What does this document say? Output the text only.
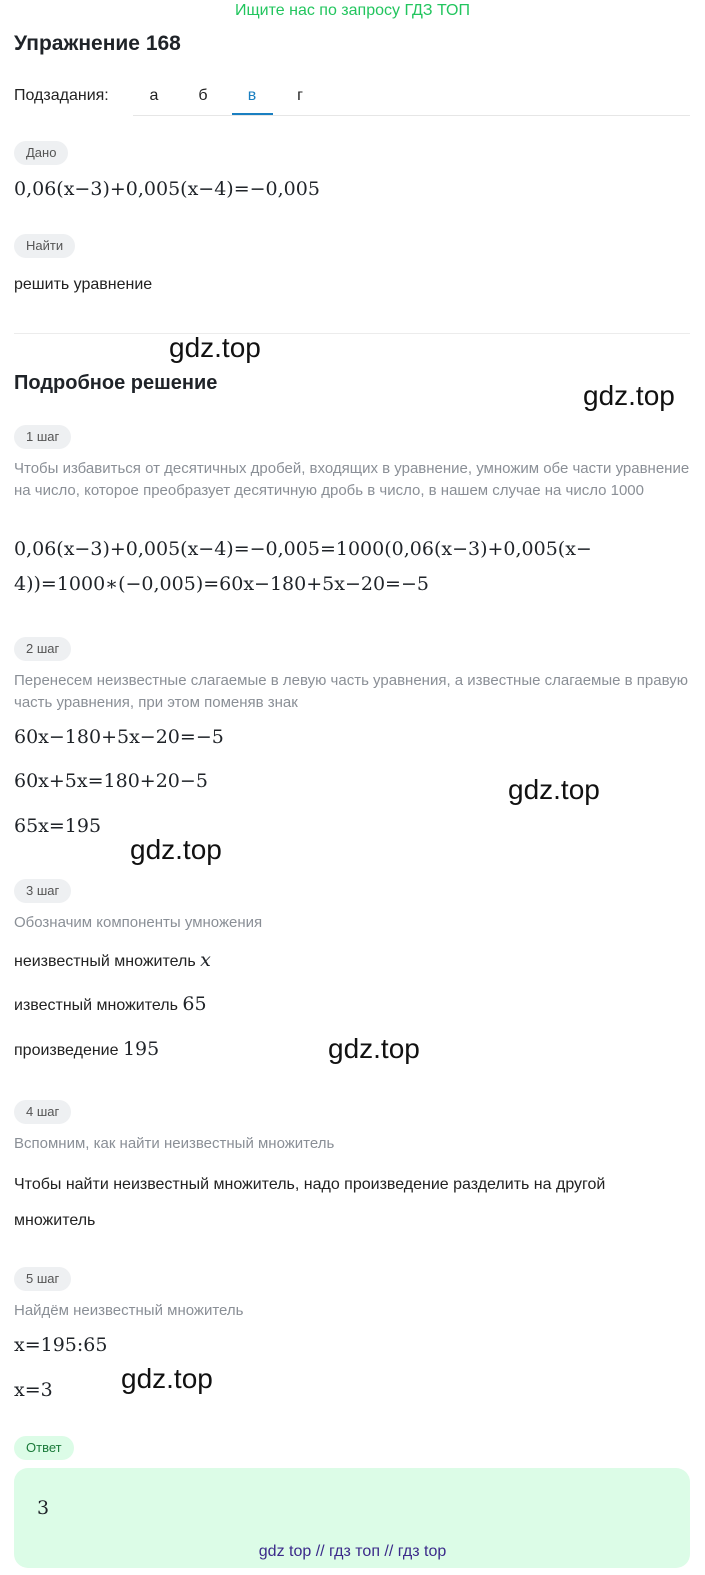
Ищите нас по запросу ГДЗ ТОП
Упражнение 168
Подзадания:	а	б	в	г
Дано
0,06(x−3)+0,005(x−4)=−0,005
Найти
решить уравнение
gdz.top
gdz.top
gdz.top
gdz.top
gdz.top
gdz.top
Подробное решение
1 шаг
Чтобы избавиться от десятичных дробей, входящих в уравнение, умножим обе части уравнение на число, которое преобразует десятичную дробь в число, в нашем случае на число 1000
0,06(x−3)+0,005(x−4)=−0,005=1000(0,06(x−3)+0,005(x−
4))=1000∗(−0,005)=60x−180+5x−20=−5
2 шаг
Перенесем неизвестные слагаемые в левую часть уравнения, а известные слагаемые в правую часть уравнения, при этом поменяв знак
60x−180+5x−20=−5
60x+5x=180+20−5
65x=195
3 шаг
Обозначим компоненты умножения
неизвестный множитель x
известный множитель 65
произведение 195
4 шаг
Вспомним, как найти неизвестный множитель
Чтобы найти неизвестный множитель, надо произведение разделить на другой множитель
5 шаг
Найдём неизвестный множитель
x=195:65
x=3
Ответ
3
gdz top // гдз топ // гдз top
